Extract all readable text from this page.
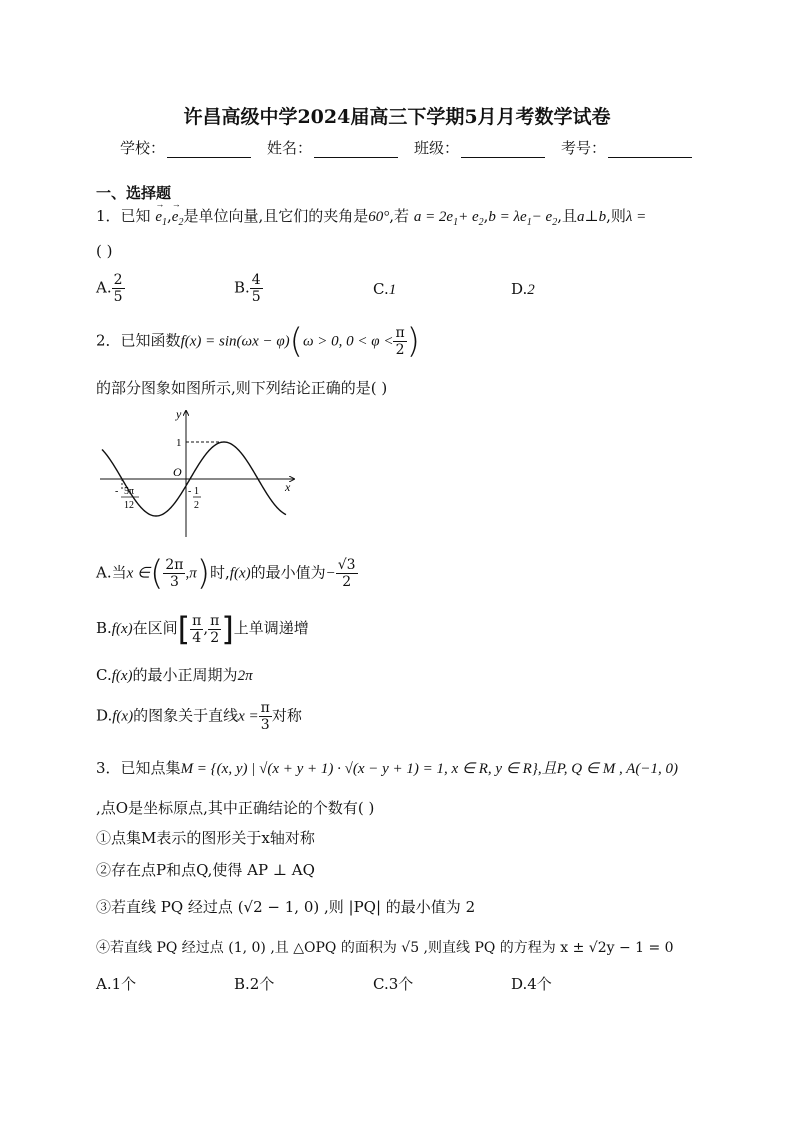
许昌高级中学2024届高三下学期5月月考数学试卷
学校：	姓名：	班级：	考号：
一、选择题
1．已知 → $e_1,\to e_2$是单位向量,且它们的夹角是60°,若 $a = 2e_1+ e_2,b = \lambda e_1- e_2$,且a⊥b,则λ =
( )
A. $\frac{2}{5}$	B. $\frac{4}{5}$	C.1	D.2
2．已知函数f(x) = sin(ωx − φ)(ω > 0, $0 < \varphi < \frac{\pi}{2}$ )
的部分图象如图所示,则下列结论正确的是( )
y
x
O
1
- 1
2
- 5π
12
A.当x ∈( $\frac{2\pi}{3} ,\pi$)时,f(x)的最小值为− $\frac{√3}{2}$
B.f(x)在区间[ $\frac{\pi}{4}$ , $\frac{\pi}{2}$ ]上单调递增
C.f(x)的最小正周期为2π
D.f(x)的图象关于直线$x = \frac{\pi}{3}$ 对称
3．已知点集M = {(x, y) | √(x + y + 1) · √(x − y + 1) = 1, x ∈ R, y ∈ R},且P, Q ∈ M , A(−1, 0)
,点O是坐标原点,其中正确结论的个数有( )
①点集M表示的图形关于x轴对称
②存在点P和点Q,使得 AP ⊥ AQ
③若直线 PQ 经过点 (√2 − 1, 0) ,则 |PQ| 的最小值为 2
④若直线 PQ 经过点 (1, 0) ,且 △OPQ 的面积为 √5 ,则直线 PQ 的方程为 x ± √2y − 1 = 0
A.1个	B.2个	C.3个	D.4个
